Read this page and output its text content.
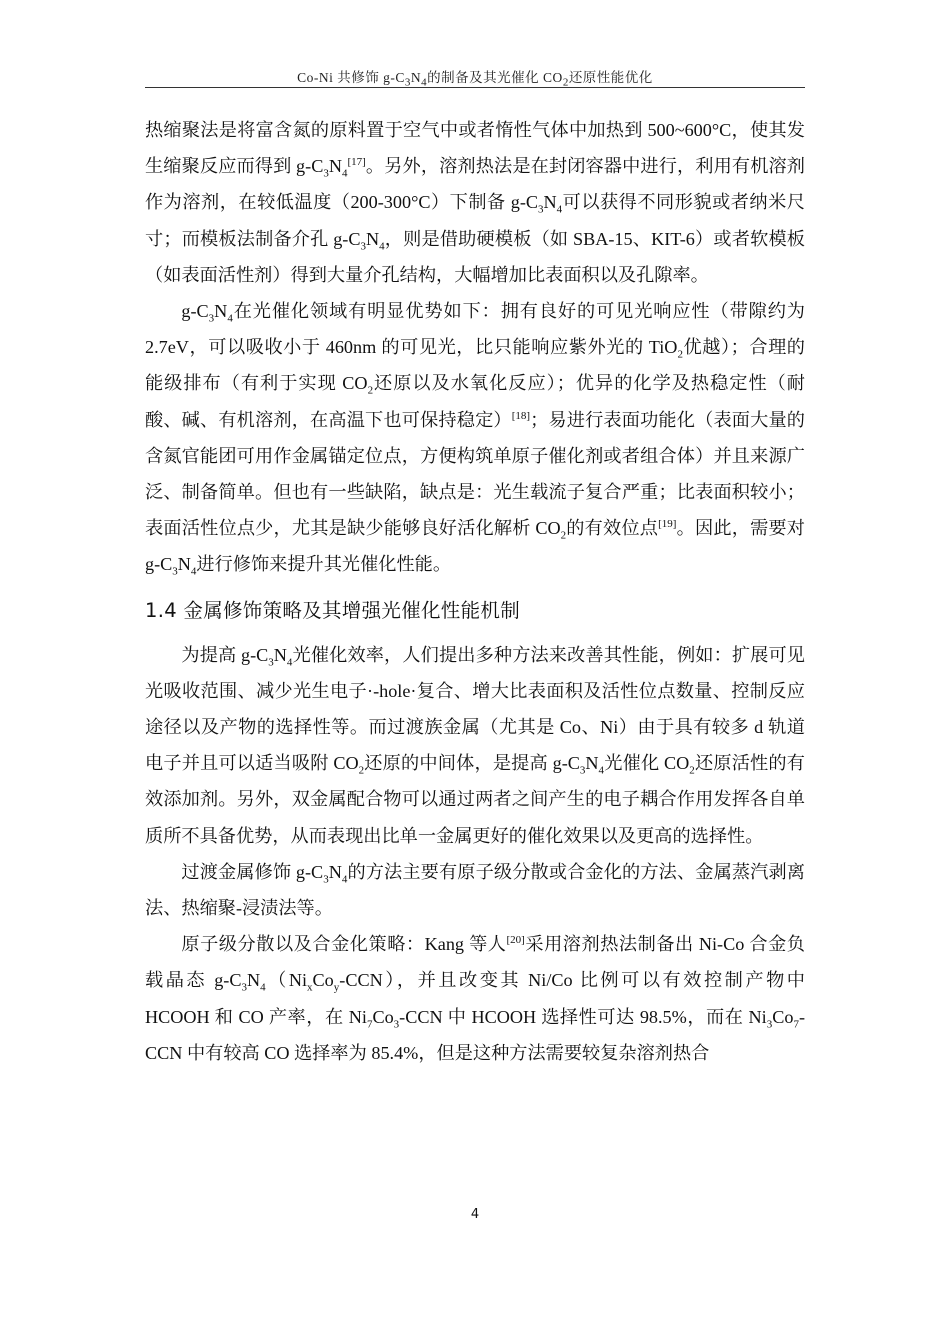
Co-Ni 共修饰 $g-C_3N_4$的制备及其光催化 $CO_2$还原性能优化

热缩聚法是将富含氮的原料置于空气中或者惰性气体中加热到 500~600°C，使其发生缩聚反应而得到 $g-C_3N_4[17]$。另外，溶剂热法是在封闭容器中进行，利用有机溶剂作为溶剂，在较低温度（200-300°C）下制备 $g-C_3N_4$可以获得不同形貌或者纳米尺寸；而模板法制备介孔 $g-C_3N_4$，则是借助硬模板（如 SBA-15、KIT-6）或者软模板（如表面活性剂）得到大量介孔结构，大幅增加比表面积以及孔隙率。

$g-C_3N_4$在光催化领域有明显优势如下：拥有良好的可见光响应性（带隙约为 2.7eV，可以吸收小于 460nm 的可见光，比只能响应紫外光的 TiO$_2$优越）；合理的能级排布（有利于实现 $CO_2$还原以及水氧化反应）；优异的化学及热稳定性（耐酸、碱、有机溶剂，在高温下也可保持稳定）[18]；易进行表面功能化（表面大量的含氮官能团可用作金属锚定位点，方便构筑单原子催化剂或者组合体）并且来源广泛、制备简单。但也有一些缺陷，缺点是：光生载流子复合严重；比表面积较小；表面活性位点少，尤其是缺少能够良好活化解析 $CO_2$的有效位点[19]。因此，需要对 $g-C_3N_4$进行修饰来提升其光催化性能。

1.4 金属修饰策略及其增强光催化性能机制

为提高 $g-C_3N_4$光催化效率，人们提出多种方法来改善其性能，例如：扩展可见光吸收范围、减少光生电子·-hole·复合、增大比表面积及活性位点数量、控制反应途径以及产物的选择性等。而过渡族金属（尤其是 Co、Ni）由于具有较多 d 轨道电子并且可以适当吸附 $CO_2$还原的中间体，是提高 $g-C_3N_4$光催化 $CO_2$还原活性的有效添加剂。另外，双金属配合物可以通过两者之间产生的电子耦合作用发挥各自单质所不具备优势，从而表现出比单一金属更好的催化效果以及更高的选择性。

过渡金属修饰 $g-C_3N_4$的方法主要有原子级分散或合金化的方法、金属蒸汽剥离法、热缩聚-浸渍法等。

原子级分散以及合金化策略：Kang 等人[20]采用溶剂热法制备出 Ni-Co 合金负载晶态 $g-C_3N_4(Ni_xCo_y-CCN)$，并且改变其 Ni/Co 比例可以有效控制产物中 HCOOH 和 CO 产率，在 $Ni_7Co_3$-CCN 中 HCOOH 选择性可达 98.5%，而在 $Ni_3Co_7$-CCN 中有较高 CO 选择率为 85.4%，但是这种方法需要较复杂溶剂热合

4
